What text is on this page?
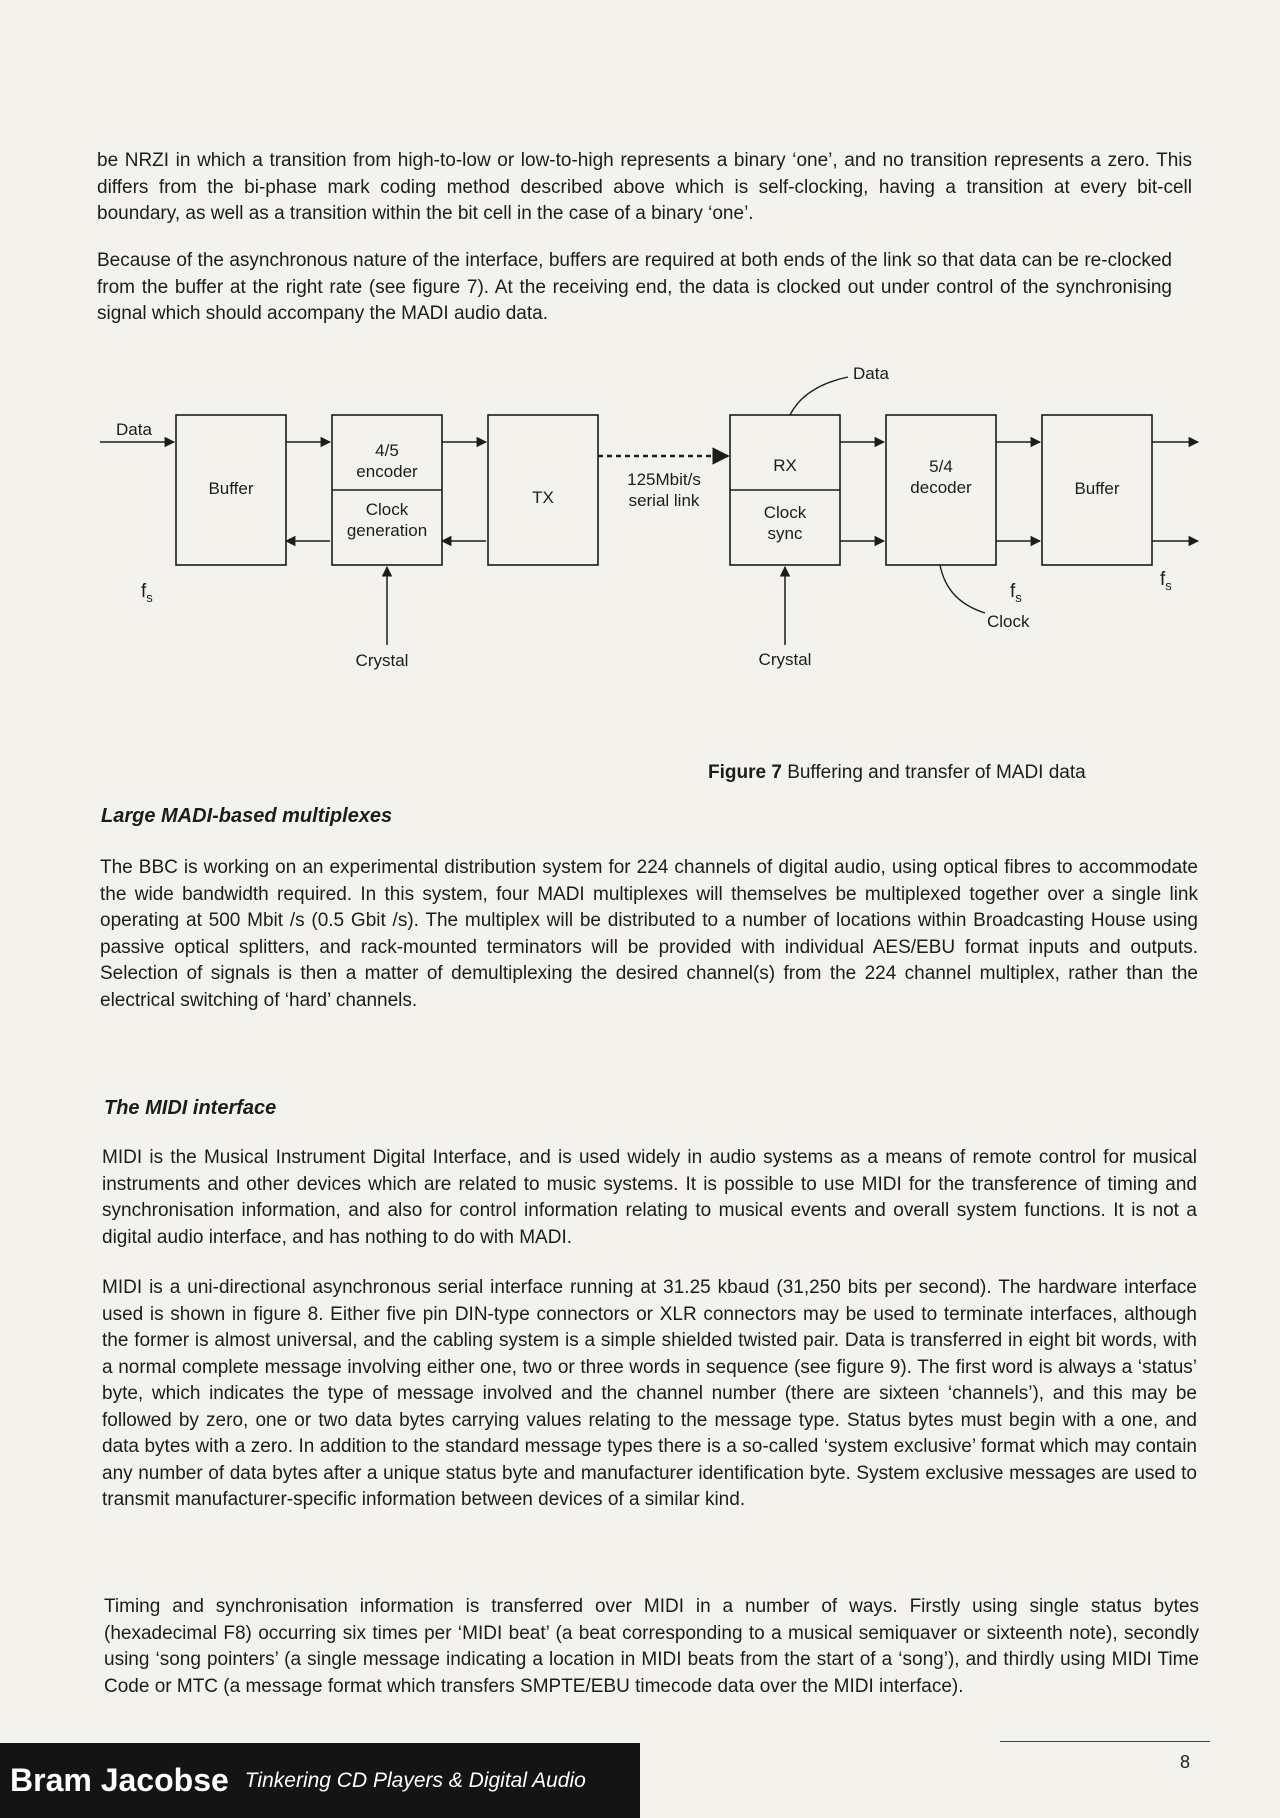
be NRZI in which a transition from high-to-low or low-to-high represents a binary ‘one’, and no transition represents a zero. This differs from the bi-phase mark coding method described above which is self-clocking, having a transition at every bit-cell boundary, as well as a transition within the bit cell in the case of a binary ‘one’.

Because of the asynchronous nature of the interface, buffers are required at both ends of the link so that data can be re-clocked from the buffer at the right rate (see figure 7). At the receiving end, the data is clocked out under control of the synchronising signal which should accompany the MADI audio data.

Data
Buffer
$f_s$
4/5
encoder
Clock
generation
Crystal
TX
125Mbit/s
serial link
RX
Data
Clock
sync
Crystal
5/4
decoder
Clock
$f_s$
Buffer
$f_s$
Figure 7 Buffering and transfer of MADI data
Large MADI-based multiplexes

The BBC is working on an experimental distribution system for 224 channels of digital audio, using optical fibres to accommodate the wide bandwidth required. In this system, four MADI multiplexes will themselves be multiplexed together over a single link operating at 500 Mbit /s (0.5 Gbit /s). The multiplex will be distributed to a number of locations within Broadcasting House using passive optical splitters, and rack-mounted terminators will be provided with individual AES/EBU format inputs and outputs. Selection of signals is then a matter of demultiplexing the desired channel(s) from the 224 channel multiplex, rather than the electrical switching of ‘hard’ channels.

The MIDI interface

MIDI is the Musical Instrument Digital Interface, and is used widely in audio systems as a means of remote control for musical instruments and other devices which are related to music systems. It is possible to use MIDI for the transference of timing and synchronisation information, and also for control information relating to musical events and overall system functions. It is not a digital audio interface, and has nothing to do with MADI.

MIDI is a uni-directional asynchronous serial interface running at 31.25 kbaud (31,250 bits per second). The hardware interface used is shown in figure 8. Either five pin DIN-type connectors or XLR connectors may be used to terminate interfaces, although the former is almost universal, and the cabling system is a simple shielded twisted pair. Data is transferred in eight bit words, with a normal complete message involving either one, two or three words in sequence (see figure 9). The first word is always a ‘status’ byte, which indicates the type of message involved and the channel number (there are sixteen ‘channels’), and this may be followed by zero, one or two data bytes carrying values relating to the message type. Status bytes must begin with a one, and data bytes with a zero. In addition to the standard message types there is a so-called ‘system exclusive’ format which may contain any number of data bytes after a unique status byte and manufacturer identification byte. System exclusive messages are used to transmit manufacturer-specific information between devices of a similar kind.

Timing and synchronisation information is transferred over MIDI in a number of ways. Firstly using single status bytes (hexadecimal F8) occurring six times per ‘MIDI beat’ (a beat corresponding to a musical semiquaver or sixteenth note), secondly using ‘song pointers’ (a single message indicating a location in MIDI beats from the start of a ‘song’), and thirdly using MIDI Time Code or MTC (a message format which transfers SMPTE/EBU timecode data over the MIDI interface).

8
Bram Jacobse Tinkering CD Players & Digital Audio
